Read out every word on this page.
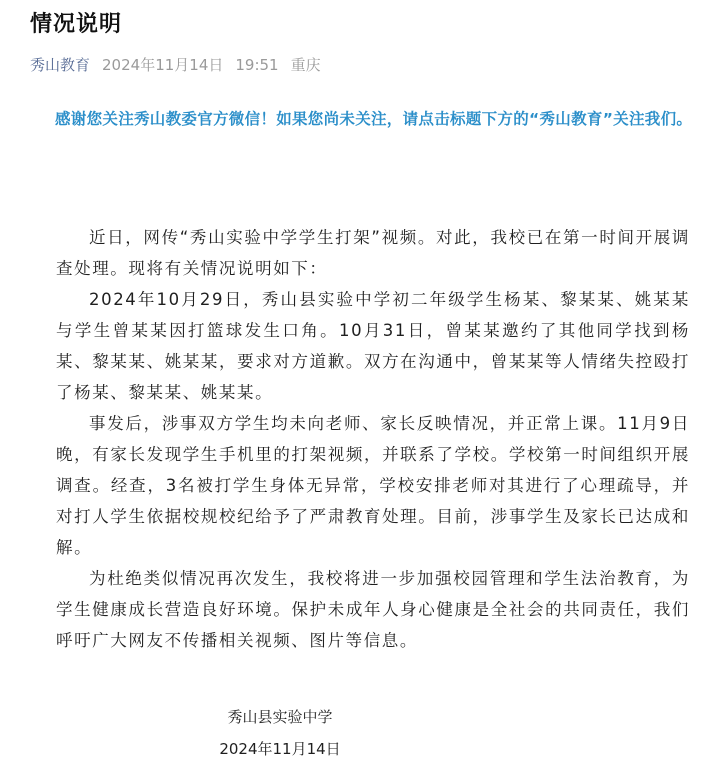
情况说明
秀山教育 2024年11月14日 19:51 重庆
感谢您关注秀山教委官方微信！如果您尚未关注，请点击标题下方的“秀山教育”关注我们。

近日，网传“秀山实验中学学生打架”视频。对此，我校已在第一时间开展调查处理。现将有关情况说明如下：

2024年10月29日，秀山县实验中学初二年级学生杨某、黎某某、姚某某与学生曾某某因打篮球发生口角。10月31日，曾某某邀约了其他同学找到杨某、黎某某、姚某某，要求对方道歉。双方在沟通中，曾某某等人情绪失控殴打了杨某、黎某某、姚某某。

事发后，涉事双方学生均未向老师、家长反映情况，并正常上课。11月9日晚，有家长发现学生手机里的打架视频，并联系了学校。学校第一时间组织开展调查。经查，3名被打学生身体无异常，学校安排老师对其进行了心理疏导，并对打人学生依据校规校纪给予了严肃教育处理。目前，涉事学生及家长已达成和解。

为杜绝类似情况再次发生，我校将进一步加强校园管理和学生法治教育，为学生健康成长营造良好环境。保护未成年人身心健康是全社会的共同责任，我们呼吁广大网友不传播相关视频、图片等信息。

秀山县实验中学
2024年11月14日
